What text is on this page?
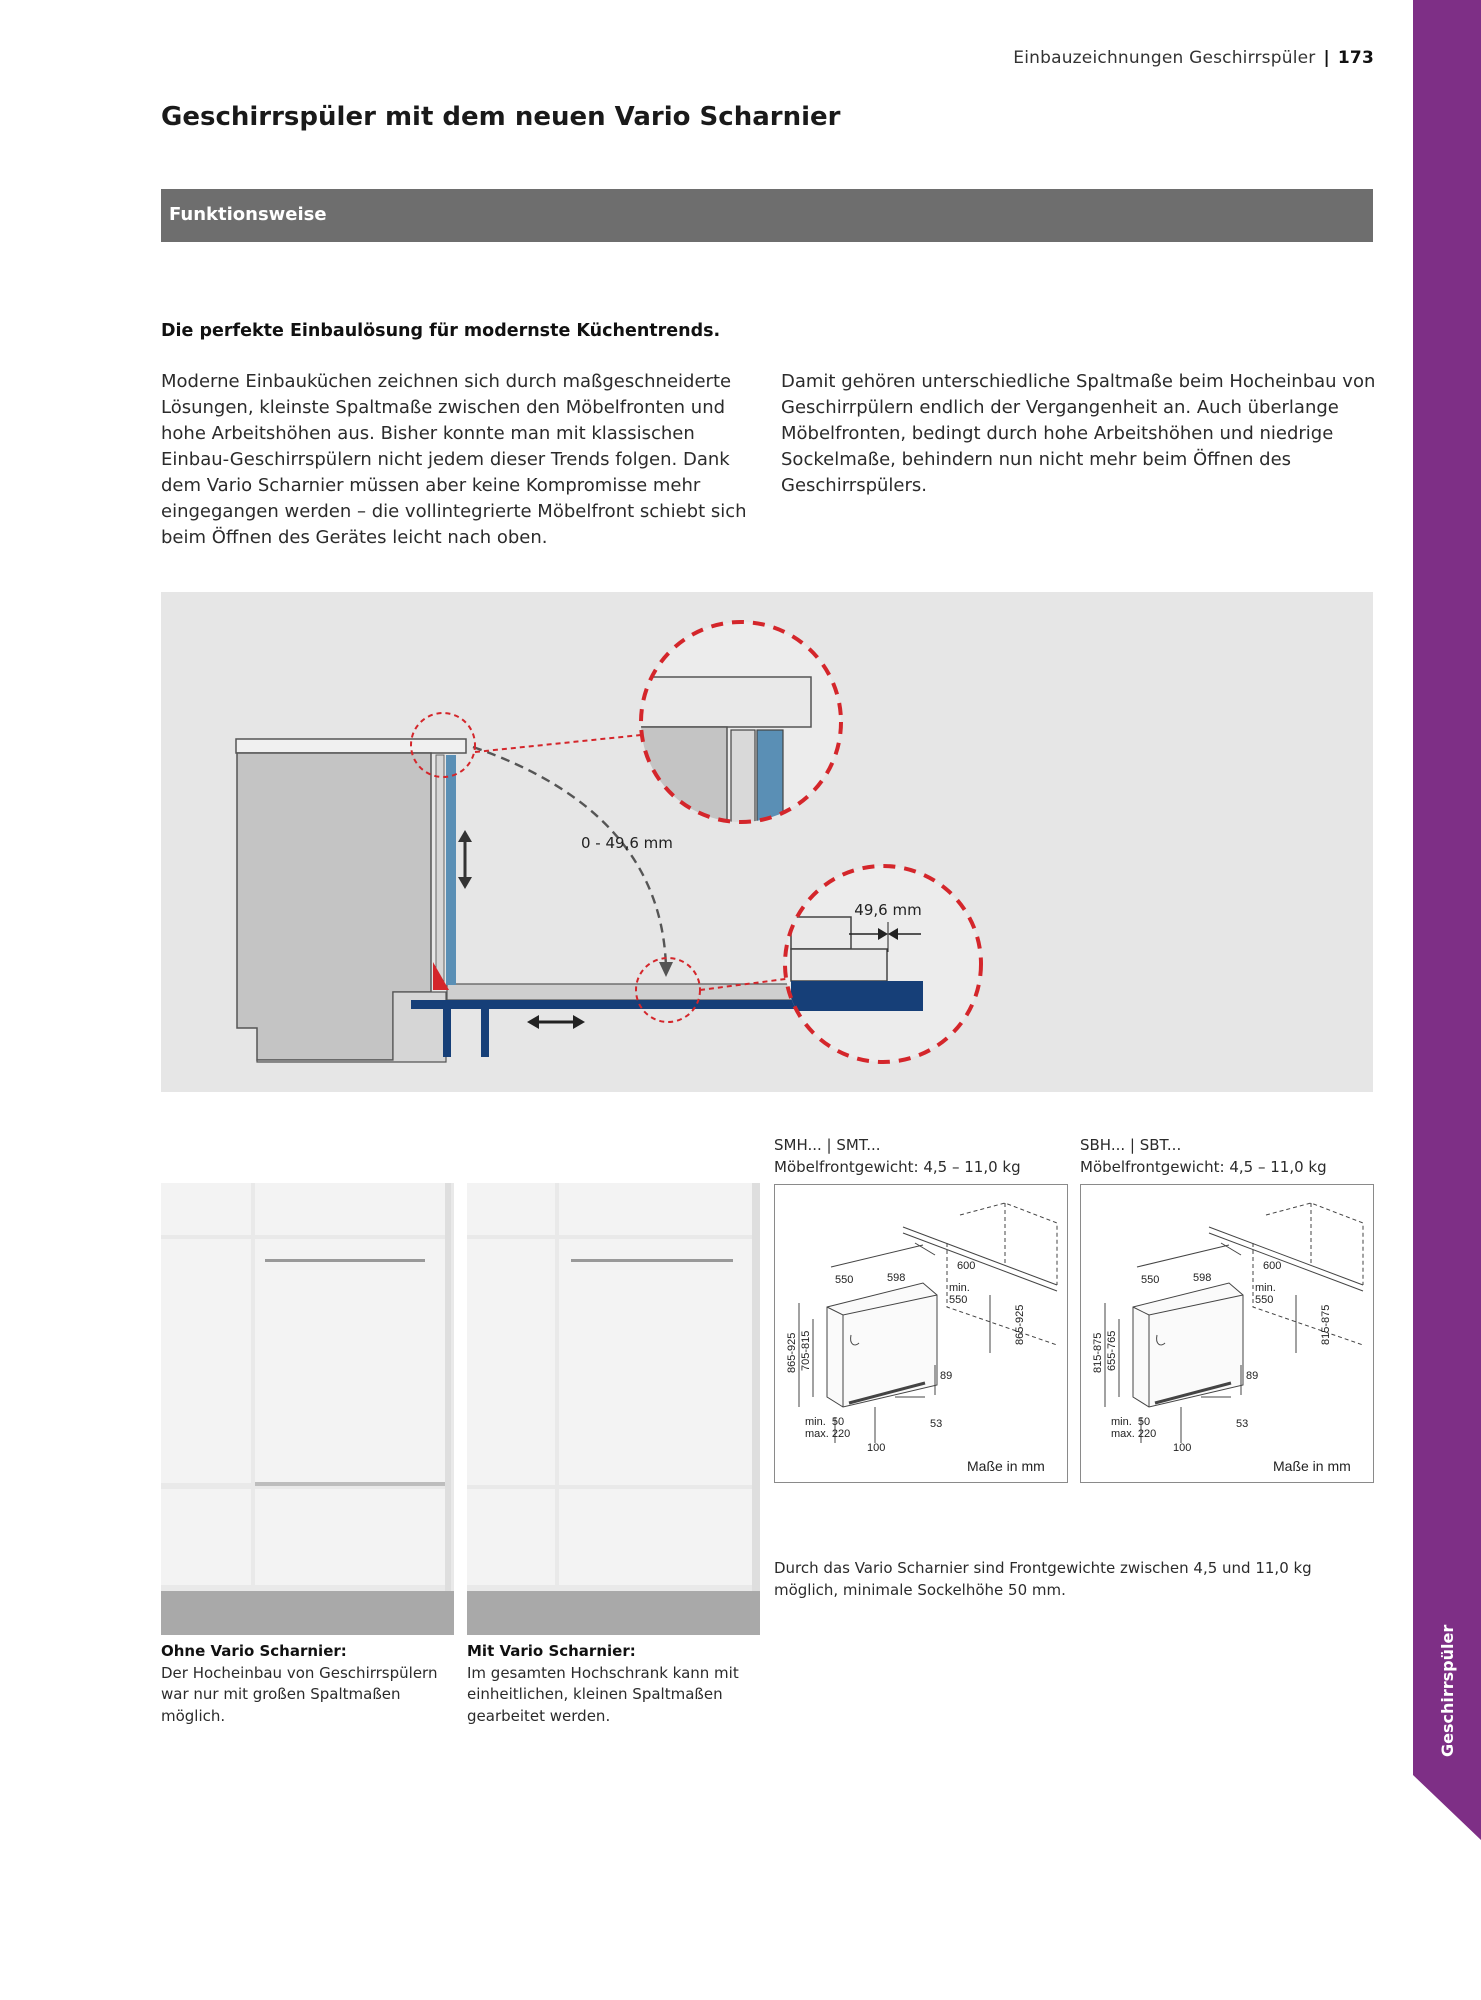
Einbauzeichnungen Geschirrspüler | 173
Geschirrspüler mit dem neuen Vario Scharnier
Funktionsweise
Die perfekte Einbaulösung für modernste Küchentrends.
Moderne Einbauküchen zeichnen sich durch maßgeschneiderte Lösungen, kleinste Spaltmaße zwischen den Möbelfronten und hohe Arbeitshöhen aus. Bisher konnte man mit klassischen Einbau-Geschirrspülern nicht jedem dieser Trends folgen. Dank dem Vario Scharnier müssen aber keine Kompromisse mehr eingegangen werden – die vollintegrierte Möbelfront schiebt sich beim Öffnen des Gerätes leicht nach oben.
Damit gehören unterschiedliche Spaltmaße beim Hocheinbau von Geschirrpülern endlich der Vergangenheit an. Auch überlange Möbelfronten, bedingt durch hohe Arbeitshöhen und niedrige Sockelmaße, behindern nun nicht mehr beim Öffnen des Geschirrspülers.
0 - 49,6 mm
49,6 mm
Ohne Vario Scharnier:
Der Hocheinbau von Geschirrspülern war nur mit großen Spaltmaßen möglich.
Mit Vario Scharnier:
Im gesamten Hochschrank kann mit einheitlichen, kleinen Spaltmaßen gearbeitet werden.
SMH... | SMT...
Möbelfrontgewicht: 4,5 – 11,0 kg
SBH... | SBT...
Möbelfrontgewicht: 4,5 – 11,0 kg
550	598
600
min.
550
865-925 705-815
865-925
89
53
100
min.  50
max. 220
Maße in mm
550	598
600
min.
550
815-875 655-765
815-875
89
53
100
min.  50
max. 220
Maße in mm
Durch das Vario Scharnier sind Frontgewichte zwischen 4,5 und 11,0 kg möglich, minimale Sockelhöhe 50 mm.
Geschirrspüler
